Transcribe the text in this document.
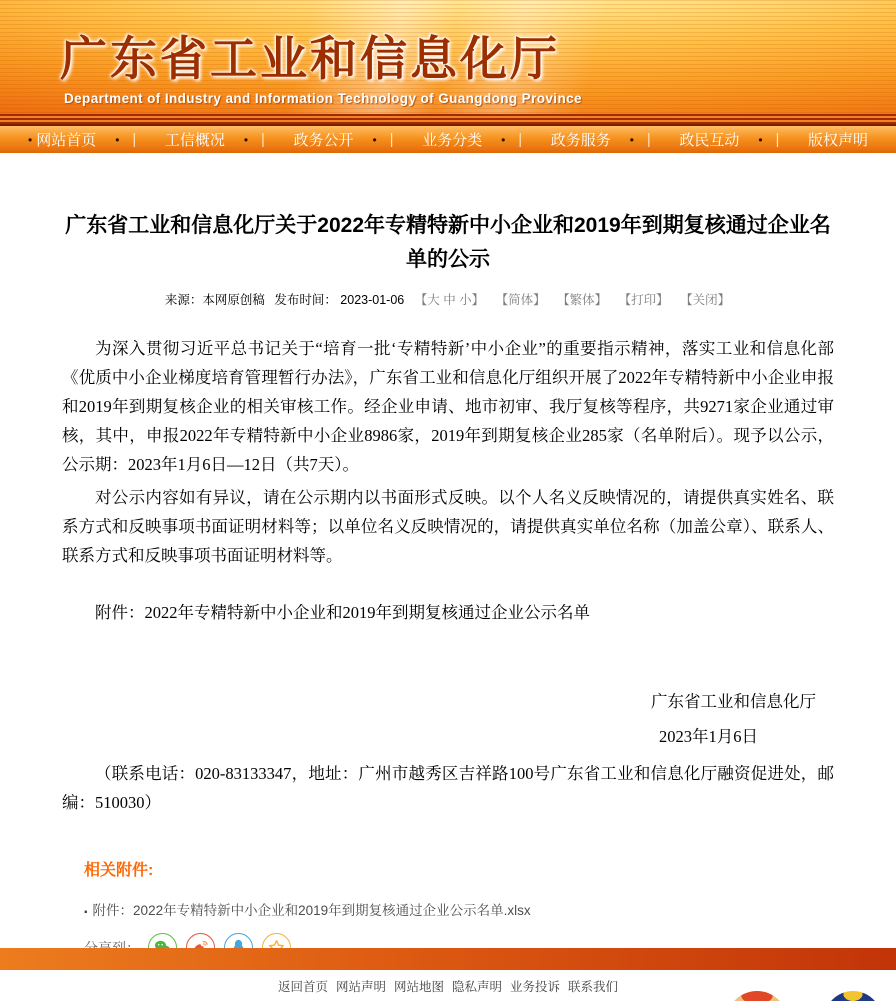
广东省工业和信息化厅
Department of Industry and Information Technology of Guangdong Province
• 网站首页	• | 工信概况	• | 政务公开	• | 业务分类	• | 政务服务	• | 政民互动	• | 版权声明
广东省工业和信息化厅关于2022年专精特新中小企业和2019年到期复核通过企业名单的公示
来源：本网原创稿 发布时间： 2023-01-06 【大 中 小】 【简体】 【繁体】 【打印】 【关闭】

为深入贯彻习近平总书记关于“培育一批‘专精特新’中小企业”的重要指示精神，落实工业和信息化部《优质中小企业梯度培育管理暂行办法》，广东省工业和信息化厅组织开展了2022年专精特新中小企业申报和2019年到期复核企业的相关审核工作。经企业申请、地市初审、我厅复核等程序，共9271家企业通过审核，其中，申报2022年专精特新中小企业8986家，2019年到期复核企业285家（名单附后）。现予以公示，公示期：2023年1月6日—12日（共7天）。

对公示内容如有异议，请在公示期内以书面形式反映。以个人名义反映情况的，请提供真实姓名、联系方式和反映事项书面证明材料等；以单位名义反映情况的，请提供真实单位名称（加盖公章）、联系人、联系方式和反映事项书面证明材料等。

附件：2022年专精特新中小企业和2019年到期复核通过企业公示名单
广东省工业和信息化厅
2023年1月6日
（联系电话：020-83133347，地址：广州市越秀区吉祥路100号广东省工业和信息化厅融资促进处，邮编：510030）
相关附件:
▪ 附件：2022年专精特新中小企业和2019年到期复核通过企业公示名单.xlsx
返回首页 网站声明 网站地图 隐私声明 业务投诉 联系我们
